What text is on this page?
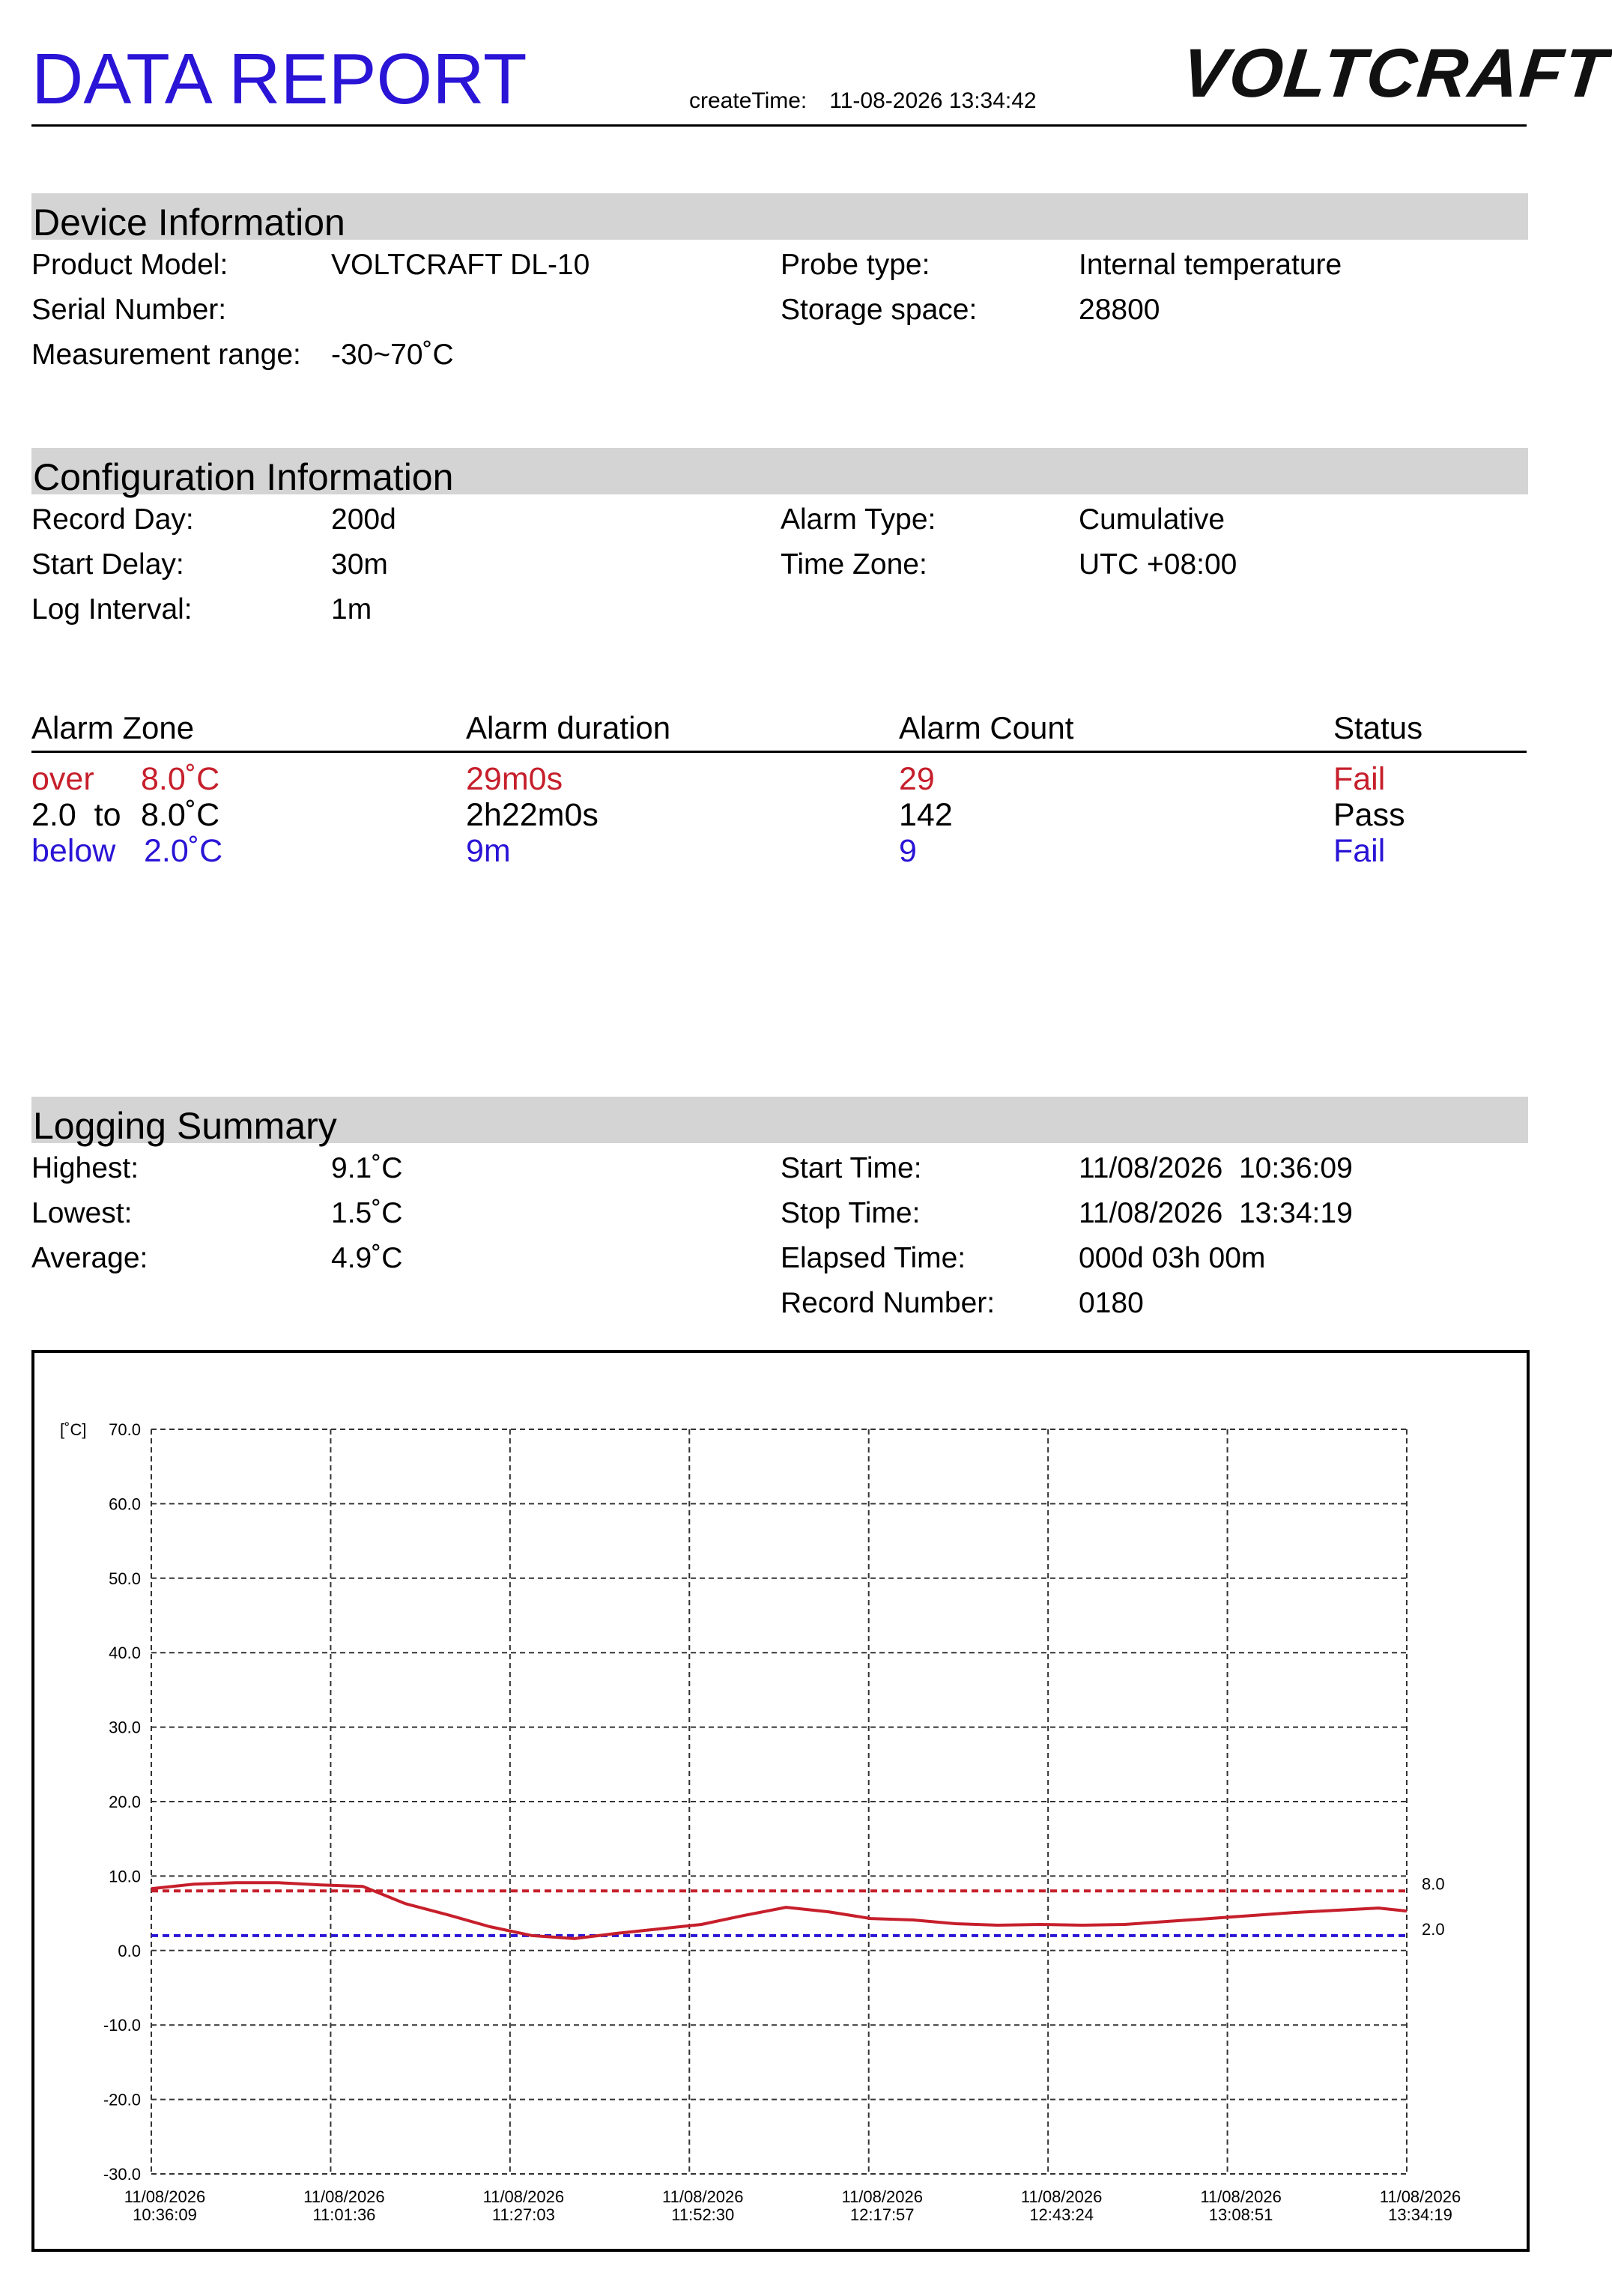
DATA REPORT	createTime: 11-08-2026 13:34:42 VOLTCRAFT
Device Information
Product Model:	VOLTCRAFT DL-10
Serial Number:
Measurement range: -30~70˚C
Probe type:	Internal temperature
Storage space:	28800
Configuration Information
Record Day:	200d
Start Delay:	30m
Log Interval:	1m
Alarm Type:	Cumulative
Time Zone:	UTC +08:00
Alarm Zone	Alarm duration	Alarm Count	Status
over 8.0˚C	29m0s	29	Fail
2.0  to 8.0˚C	2h22m0s	142	Pass
below 2.0˚C	9m	9	Fail
Logging Summary
Highest:	9.1˚C
Lowest:	1.5˚C
Average:	4.9˚C
Start Time:	11/08/2026  10:36:09
Stop Time:	11/08/2026  13:34:19
Elapsed Time:	000d 03h 00m
Record Number:	0180
70.0
60.0
50.0
40.0
30.0
20.0
10.0
0.0
-10.0
-20.0
-30.0
[˚C]
11/08/2026
10:36:09
11/08/2026
11:01:36
11/08/2026
11:27:03
11/08/2026
11:52:30
11/08/2026
12:17:57
11/08/2026
12:43:24
11/08/2026
13:08:51
11/08/2026
13:34:19
8.0
2.0
